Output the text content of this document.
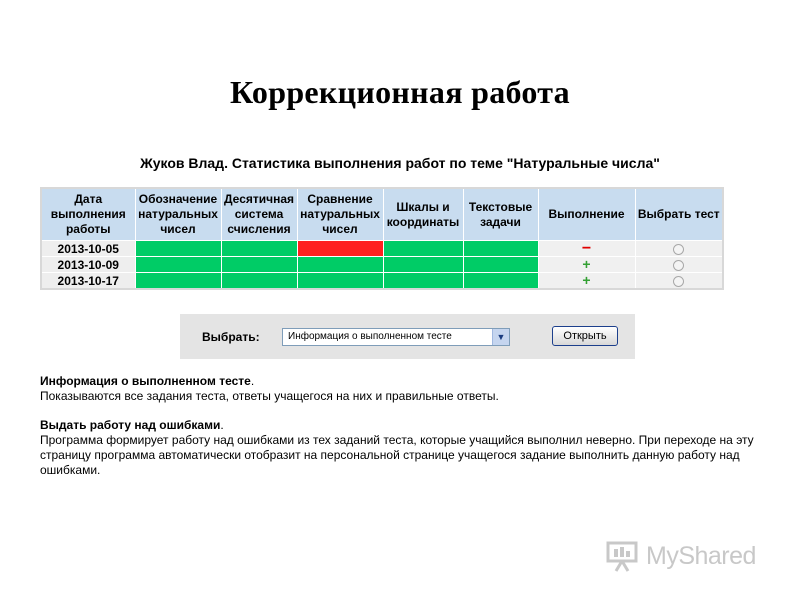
Коррекционная работа
Жуков Влад. Статистика выполнения работ по теме "Натуральные числа"
Дата выполнения работы	Обозначение натуральных чисел	Десятичная система счисления	Сравнение натуральных чисел	Шкалы и координаты	Текстовые задачи	Выполнение	Выбрать тест
2013-10-05						−	
2013-10-09						+	
2013-10-17						+	
Выбрать:	Информация о выполненном тесте	▼	Открыть
Информация о выполненном тесте.
Показываются все задания теста, ответы учащегося на них и правильные ответы.
Выдать работу над ошибками.
Программа формирует работу над ошибками из тех заданий теста, которые учащийся выполнил неверно. При переходе на эту страницу программа автоматически отобразит на персональной странице учащегося задание выполнить данную работу над ошибками.
MyShared
